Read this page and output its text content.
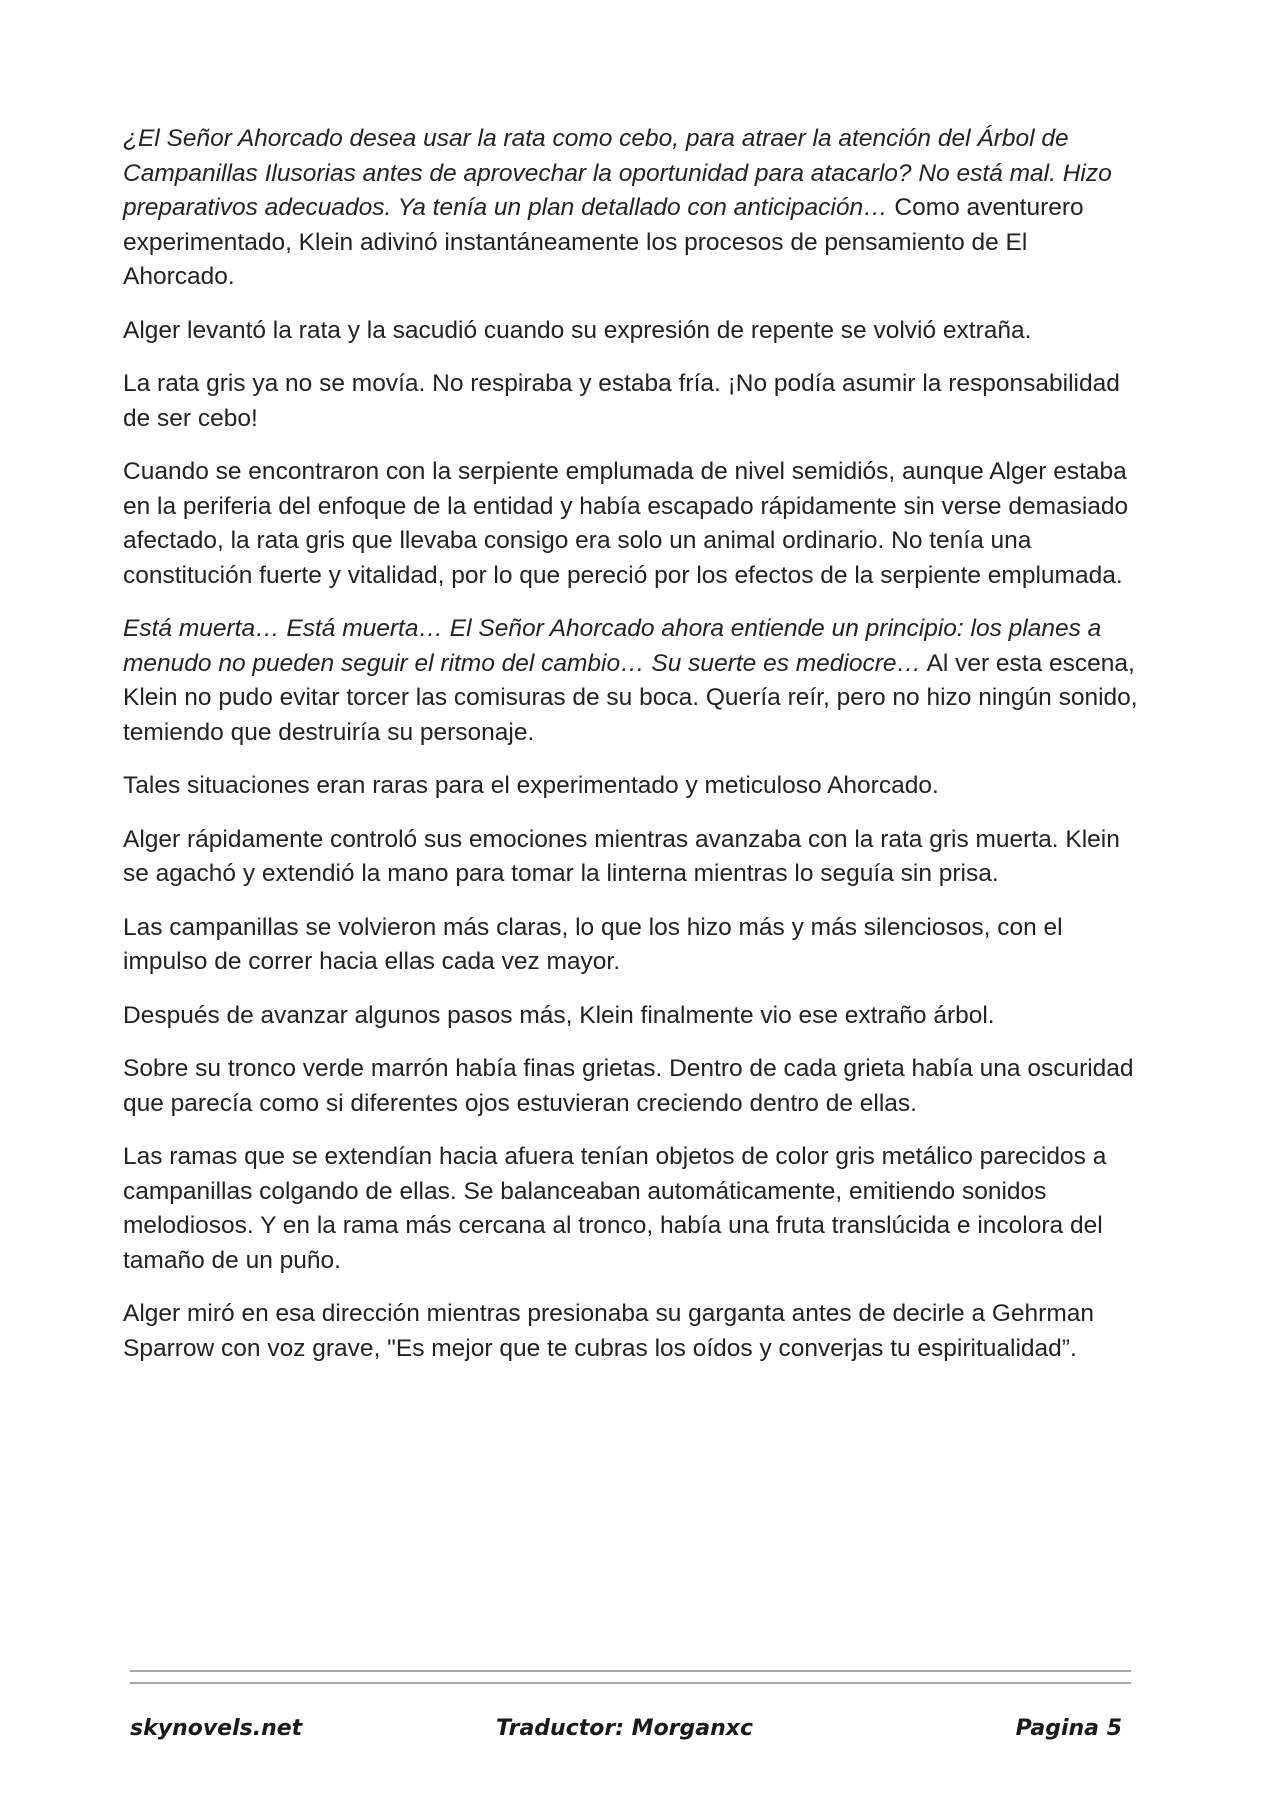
¿El Señor Ahorcado desea usar la rata como cebo, para atraer la atención del Árbol de Campanillas Ilusorias antes de aprovechar la oportunidad para atacarlo? No está mal. Hizo preparativos adecuados. Ya tenía un plan detallado con anticipación… Como aventurero experimentado, Klein adivinó instantáneamente los procesos de pensamiento de El Ahorcado.

Alger levantó la rata y la sacudió cuando su expresión de repente se volvió extraña.

La rata gris ya no se movía. No respiraba y estaba fría. ¡No podía asumir la responsabilidad de ser cebo!

Cuando se encontraron con la serpiente emplumada de nivel semidiós, aunque Alger estaba en la periferia del enfoque de la entidad y había escapado rápidamente sin verse demasiado afectado, la rata gris que llevaba consigo era solo un animal ordinario. No tenía una constitución fuerte y vitalidad, por lo que pereció por los efectos de la serpiente emplumada.

Está muerta… Está muerta… El Señor Ahorcado ahora entiende un principio: los planes a menudo no pueden seguir el ritmo del cambio… Su suerte es mediocre… Al ver esta escena, Klein no pudo evitar torcer las comisuras de su boca. Quería reír, pero no hizo ningún sonido, temiendo que destruiría su personaje.

Tales situaciones eran raras para el experimentado y meticuloso Ahorcado.

Alger rápidamente controló sus emociones mientras avanzaba con la rata gris muerta. Klein se agachó y extendió la mano para tomar la linterna mientras lo seguía sin prisa.

Las campanillas se volvieron más claras, lo que los hizo más y más silenciosos, con el impulso de correr hacia ellas cada vez mayor.

Después de avanzar algunos pasos más, Klein finalmente vio ese extraño árbol.

Sobre su tronco verde marrón había finas grietas. Dentro de cada grieta había una oscuridad que parecía como si diferentes ojos estuvieran creciendo dentro de ellas.

Las ramas que se extendían hacia afuera tenían objetos de color gris metálico parecidos a campanillas colgando de ellas. Se balanceaban automáticamente, emitiendo sonidos melodiosos. Y en la rama más cercana al tronco, había una fruta translúcida e incolora del tamaño de un puño.

Alger miró en esa dirección mientras presionaba su garganta antes de decirle a Gehrman Sparrow con voz grave, "Es mejor que te cubras los oídos y converjas tu espiritualidad”.

skynovels.net	Traductor: Morganxc	Pagina 5
